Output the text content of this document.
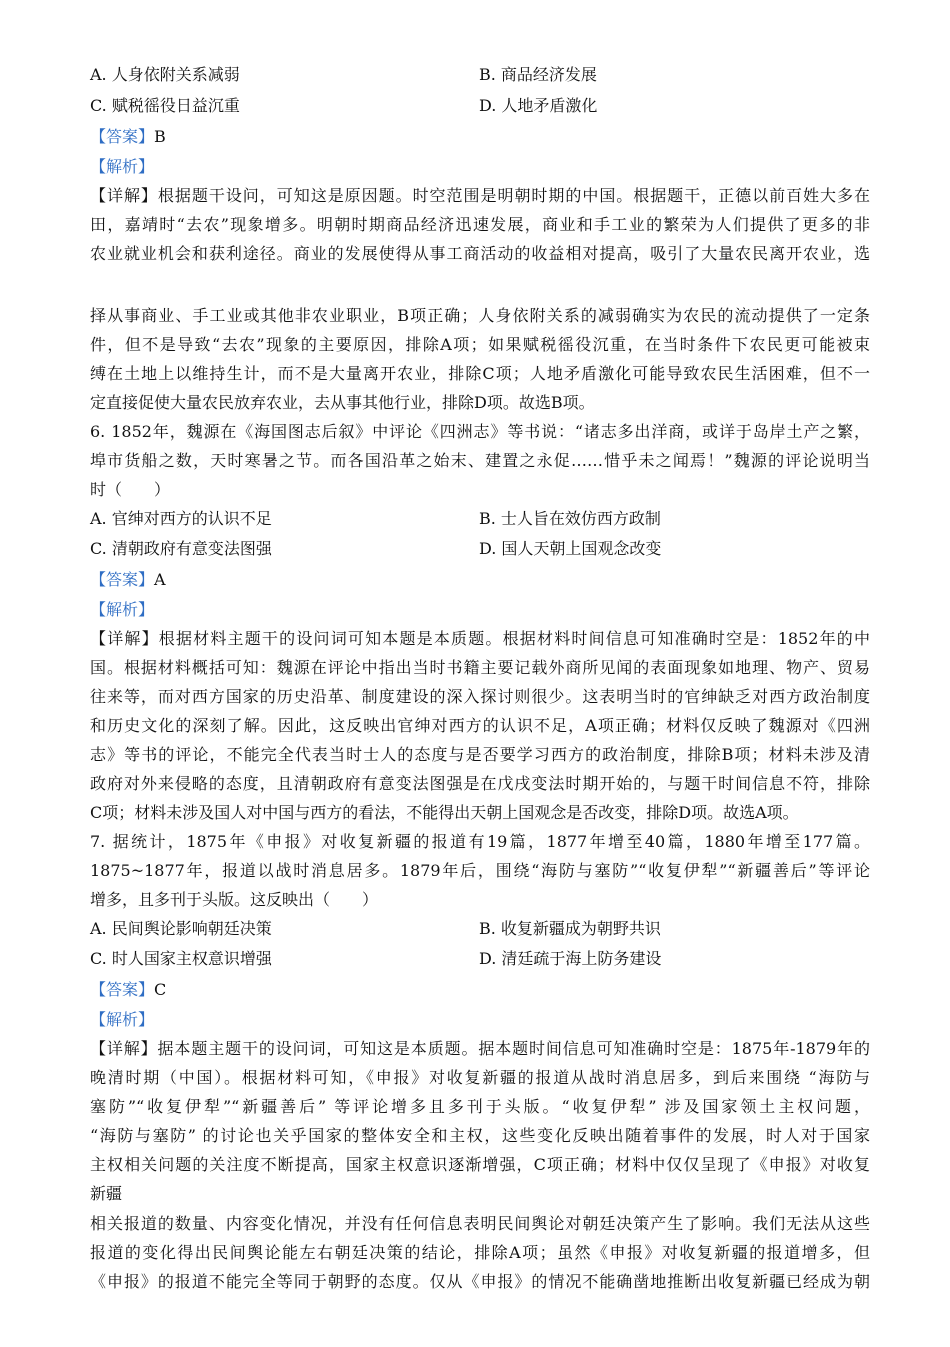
A. 人身依附关系减弱	B. 商品经济发展
C. 赋税徭役日益沉重	D. 人地矛盾激化
【答案】B
【解析】
【详解】根据题干设问，可知这是原因题。时空范围是明朝时期的中国。根据题干，正德以前百姓大多在
田，嘉靖时“去农”现象增多。明朝时期商品经济迅速发展，商业和手工业的繁荣为人们提供了更多的非
农业就业机会和获利途径。商业的发展使得从事工商活动的收益相对提高，吸引了大量农民离开农业，选
择从事商业、手工业或其他非农业职业，B项正确；人身依附关系的减弱确实为农民的流动提供了一定条
件，但不是导致“去农”现象的主要原因，排除A项；如果赋税徭役沉重，在当时条件下农民更可能被束
缚在土地上以维持生计，而不是大量离开农业，排除C项；人地矛盾激化可能导致农民生活困难，但不一
定直接促使大量农民放弃农业，去从事其他行业，排除D项。故选B项。
6. 1852年，魏源在《海国图志后叙》中评论《四洲志》等书说：“诸志多出洋商，或详于岛岸土产之繁，
埠市货船之数，天时寒暑之节。而各国沿革之始末、建置之永促……惜乎未之闻焉！”魏源的评论说明当
时（　　）
A. 官绅对西方的认识不足	B. 士人旨在效仿西方政制
C. 清朝政府有意变法图强	D. 国人天朝上国观念改变
【答案】A
【解析】
【详解】根据材料主题干的设问词可知本题是本质题。根据材料时间信息可知准确时空是：1852年的中
国。根据材料概括可知：魏源在评论中指出当时书籍主要记载外商所见闻的表面现象如地理、物产、贸易
往来等，而对西方国家的历史沿革、制度建设的深入探讨则很少。这表明当时的官绅缺乏对西方政治制度
和历史文化的深刻了解。因此，这反映出官绅对西方的认识不足，A项正确；材料仅反映了魏源对《四洲
志》等书的评论，不能完全代表当时士人的态度与是否要学习西方的政治制度，排除B项；材料未涉及清
政府对外来侵略的态度，且清朝政府有意变法图强是在戊戌变法时期开始的，与题干时间信息不符，排除
C项；材料未涉及国人对中国与西方的看法，不能得出天朝上国观念是否改变，排除D项。故选A项。
7. 据统计，1875年《申报》对收复新疆的报道有19篇，1877年增至40篇，1880年增至177篇。
1875~1877年，报道以战时消息居多。1879年后，围绕“海防与塞防”“收复伊犁”“新疆善后”等评论
增多，且多刊于头版。这反映出（　　）
A. 民间舆论影响朝廷决策	B. 收复新疆成为朝野共识
C. 时人国家主权意识增强	D. 清廷疏于海上防务建设
【答案】C
【解析】
【详解】据本题主题干的设问词，可知这是本质题。据本题时间信息可知准确时空是：1875年-1879年的
晚清时期（中国）。根据材料可知，《申报》对收复新疆的报道从战时消息居多，到后来围绕 “海防与
塞防”“收复伊犁”“新疆善后” 等评论增多且多刊于头版。“收复伊犁” 涉及国家领土主权问题，
“海防与塞防” 的讨论也关乎国家的整体安全和主权，这些变化反映出随着事件的发展，时人对于国家
主权相关问题的关注度不断提高，国家主权意识逐渐增强，C项正确；材料中仅仅呈现了《申报》对收复
新疆
相关报道的数量、内容变化情况，并没有任何信息表明民间舆论对朝廷决策产生了影响。我们无法从这些
报道的变化得出民间舆论能左右朝廷决策的结论，排除A项；虽然《申报》对收复新疆的报道增多，但
《申报》的报道不能完全等同于朝野的态度。仅从《申报》的情况不能确凿地推断出收复新疆已经成为朝
